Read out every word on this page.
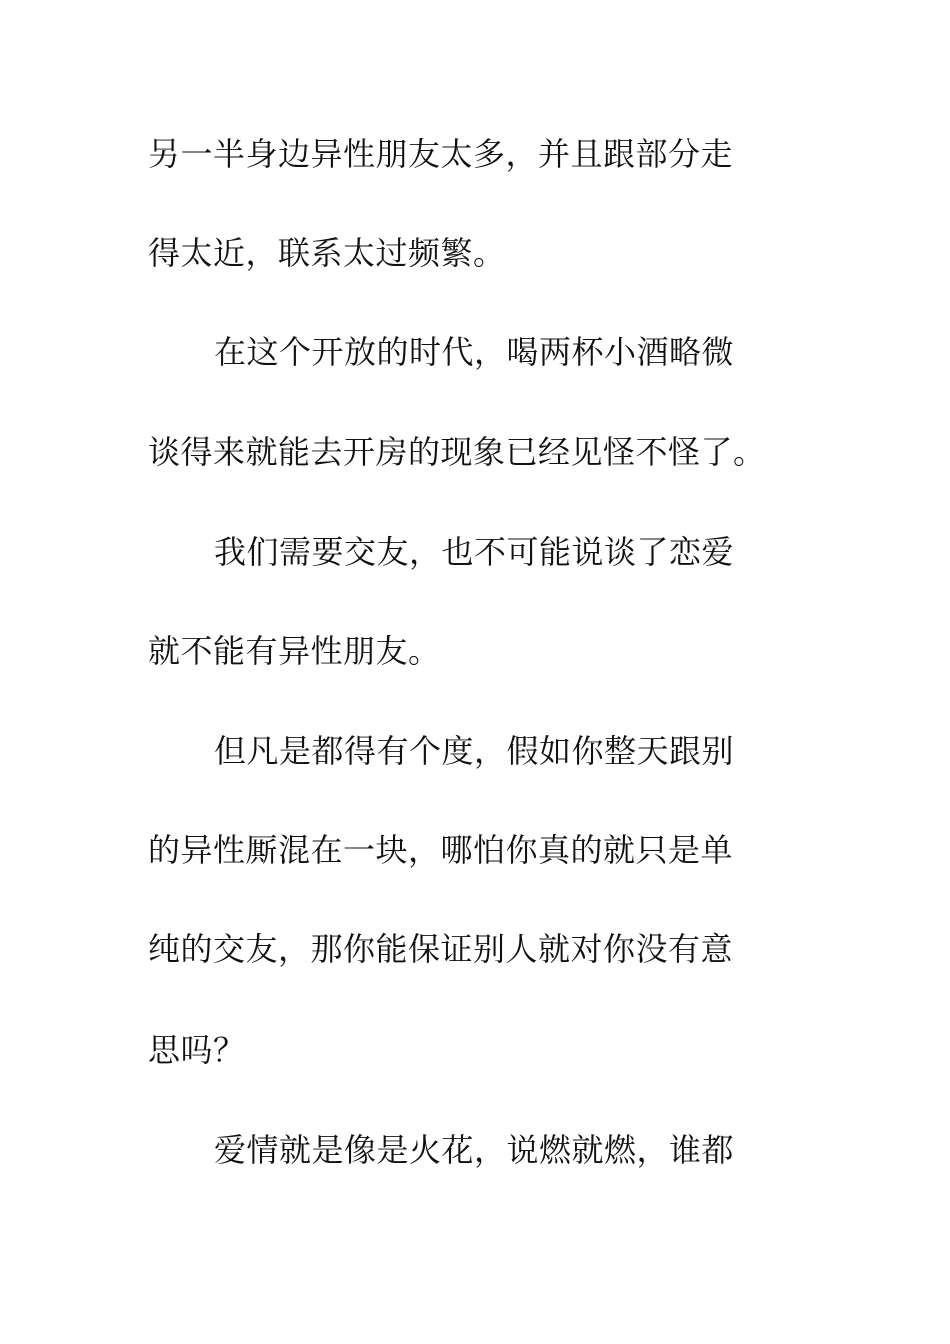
另一半身边异性朋友太多，并且跟部分走
得太近，联系太过频繁。
在这个开放的时代，喝两杯小酒略微
谈得来就能去开房的现象已经见怪不怪了。
我们需要交友，也不可能说谈了恋爱
就不能有异性朋友。
但凡是都得有个度，假如你整天跟别
的异性厮混在一块，哪怕你真的就只是单
纯的交友，那你能保证别人就对你没有意
思吗？
爱情就是像是火花，说燃就燃，谁都
